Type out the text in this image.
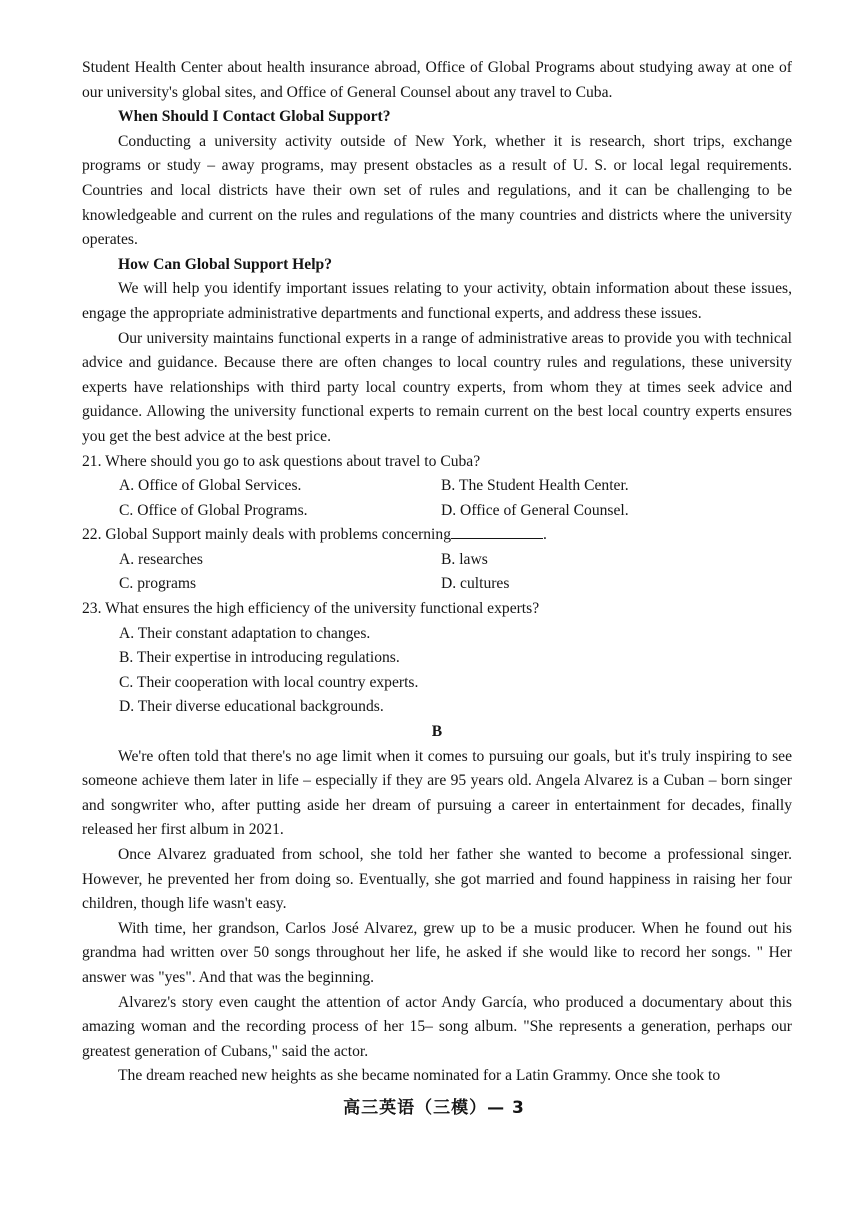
Student Health Center about health insurance abroad, Office of Global Programs about studying away at one of our university's global sites, and Office of General Counsel about any travel to Cuba.

When Should I Contact Global Support?

Conducting a university activity outside of New York, whether it is research, short trips, exchange programs or study – away programs, may present obstacles as a result of U. S. or local legal requirements. Countries and local districts have their own set of rules and regulations, and it can be challenging to be knowledgeable and current on the rules and regulations of the many countries and districts where the university operates.

How Can Global Support Help?

We will help you identify important issues relating to your activity, obtain information about these issues, engage the appropriate administrative departments and functional experts, and address these issues.

Our university maintains functional experts in a range of administrative areas to provide you with technical advice and guidance. Because there are often changes to local country rules and regulations, these university experts have relationships with third party local country experts, from whom they at times seek advice and guidance. Allowing the university functional experts to remain current on the best local country experts ensures you get the best advice at the best price.

21. Where should you go to ask questions about travel to Cuba?

A. Office of Global Services.	B. The Student Health Center.
C. Office of Global Programs.	D. Office of General Counsel.

22. Global Support mainly deals with problems concerning	.

A. researches	B. laws
C. programs	D. cultures

23. What ensures the high efficiency of the university functional experts?

A. Their constant adaptation to changes.
B. Their expertise in introducing regulations.
C. Their cooperation with local country experts.
D. Their diverse educational backgrounds.

B

We're often told that there's no age limit when it comes to pursuing our goals, but it's truly inspiring to see someone achieve them later in life – especially if they are 95 years old. Angela Alvarez is a Cuban – born singer and songwriter who, after putting aside her dream of pursuing a career in entertainment for decades, finally released her first album in 2021.

Once Alvarez graduated from school, she told her father she wanted to become a professional singer. However, he prevented her from doing so. Eventually, she got married and found happiness in raising her four children, though life wasn't easy.

With time, her grandson, Carlos José Alvarez, grew up to be a music producer. When he found out his grandma had written over 50 songs throughout her life, he asked if she would like to record her songs. " Her answer was "yes". And that was the beginning.

Alvarez's story even caught the attention of actor Andy García, who produced a documentary about this amazing woman and the recording process of her 15– song album. "She represents a generation, perhaps our greatest generation of Cubans," said the actor.

The dream reached new heights as she became nominated for a Latin Grammy. Once she took to

高三英语（三模）— 3
